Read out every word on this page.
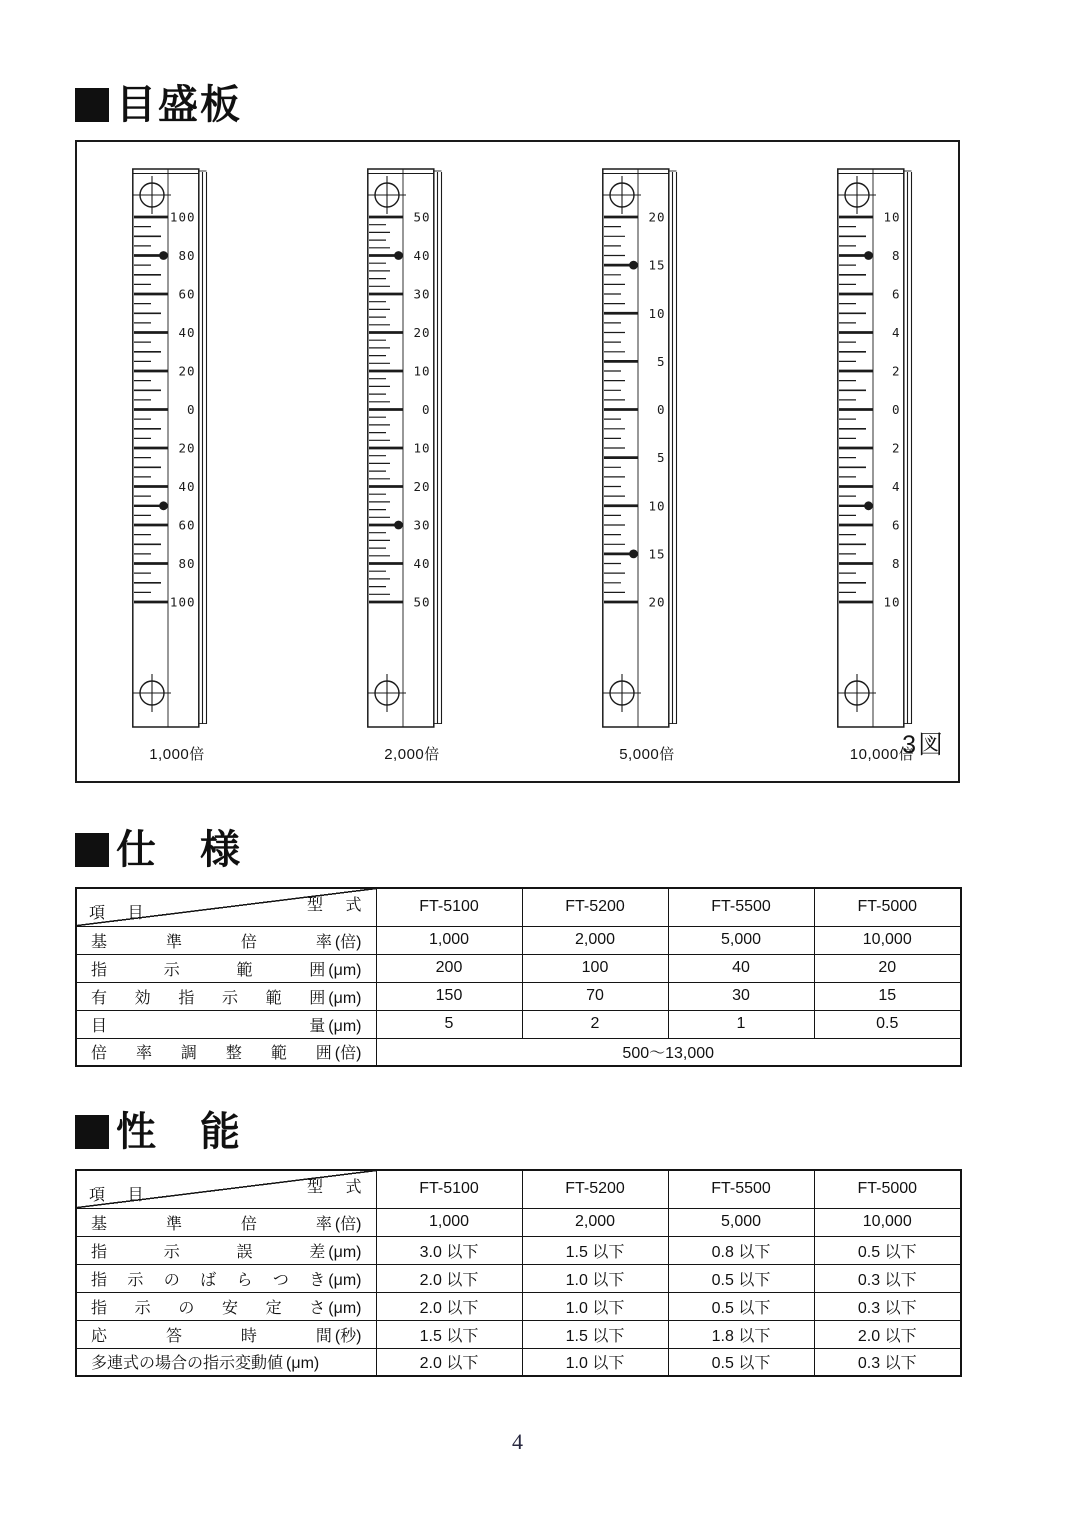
目盛板
100
80
60
40
20
0
20
40
60
80
100
1,000倍
50
40
30
20
10
0
10
20
30
40
50
2,000倍
20
15
10
5
0
5
10
15
20
5,000倍
10
8
6
4
2
0
2
4
6
8
10
10,000倍
3図
仕　様
項 目 型 式	FT-5100	FT-5200	FT-5500	FT-5000

基 準 倍 率 (倍)	1,000	2,000	5,000	10,000

指 示 範 囲 (μm)	200	100	40	20

有 効 指 示 範 囲 (μm)	150	70	30	15

目 量 (μm)	5	2	1	0.5

倍 率 調 整 範 囲 (倍)	500〜13,000
性　能
項 目 型 式	FT-5100	FT-5200	FT-5500	FT-5000

基 準 倍 率 (倍)	1,000	2,000	5,000	10,000

指 示 誤 差 (μm)	3.0 以下	1.5 以下	0.8 以下	0.5 以下

指 示 の ば ら つ き (μm)	2.0 以下	1.0 以下	0.5 以下	0.3 以下

指 示 の 安 定 さ (μm)	2.0 以下	1.0 以下	0.5 以下	0.3 以下

応 答 時 間 (秒)	1.5 以下	1.5 以下	1.8 以下	2.0 以下

多連式の場合の指示変動値 (μm)	2.0 以下	1.0 以下	0.5 以下	0.3 以下
4
